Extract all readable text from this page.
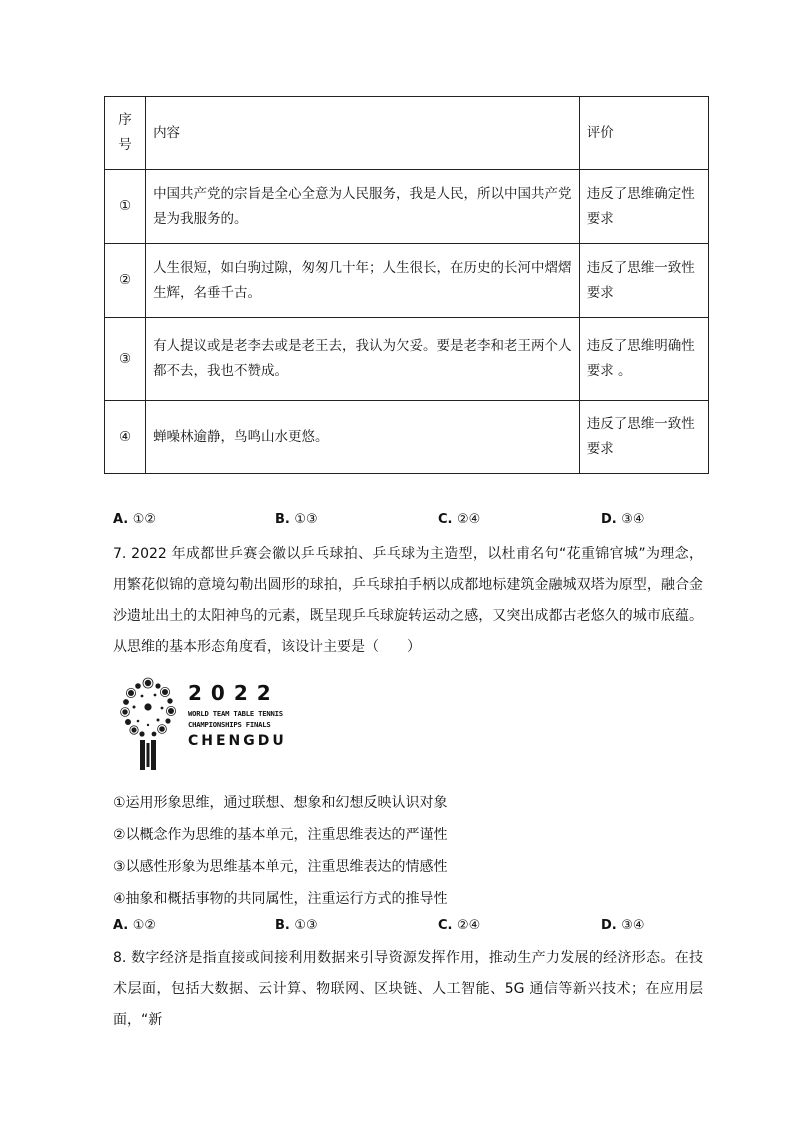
序
号	内容	评价
①	中国共产党的宗旨是全心全意为人民服务，我是人民，所以中国共产党是为我服务的。	违反了思维确定性要求
②	人生很短，如白驹过隙，匆匆几十年；人生很长，在历史的长河中熠熠生辉，名垂千古。	违反了思维一致性要求
③	有人提议或是老李去或是老王去，我认为欠妥。要是老李和老王两个人都不去，我也不赞成。	违反了思维明确性要求 。
④	蝉噪林逾静，鸟鸣山水更悠。	违反了思维一致性要求
A. ①②	B. ①③	C. ②④	D. ③④

7. 2022 年成都世乒赛会徽以乒乓球拍、乒乓球为主造型，以杜甫名句“花重锦官城”为理念，用繁花似锦的意境勾勒出圆形的球拍，乒乓球拍手柄以成都地标建筑金融城双塔为原型，融合金沙遗址出土的太阳神鸟的元素，既呈现乒乓球旋转运动之感，又突出成都古老悠久的城市底蕴。从思维的基本形态角度看，该设计主要是（　　）

2022
WORLD TEAM TABLE TENNIS
CHAMPIONSHIPS FINALS
CHENGDU
①运用形象思维，通过联想、想象和幻想反映认识对象
②以概念作为思维的基本单元，注重思维表达的严谨性
③以感性形象为思维基本单元，注重思维表达的情感性
④抽象和概括事物的共同属性，注重运行方式的推导性
A. ①②	B. ①③	C. ②④	D. ③④

8. 数字经济是指直接或间接利用数据来引导资源发挥作用，推动生产力发展的经济形态。在技术层面，包括大数据、云计算、物联网、区块链、人工智能、5G 通信等新兴技术；在应用层面，“新
